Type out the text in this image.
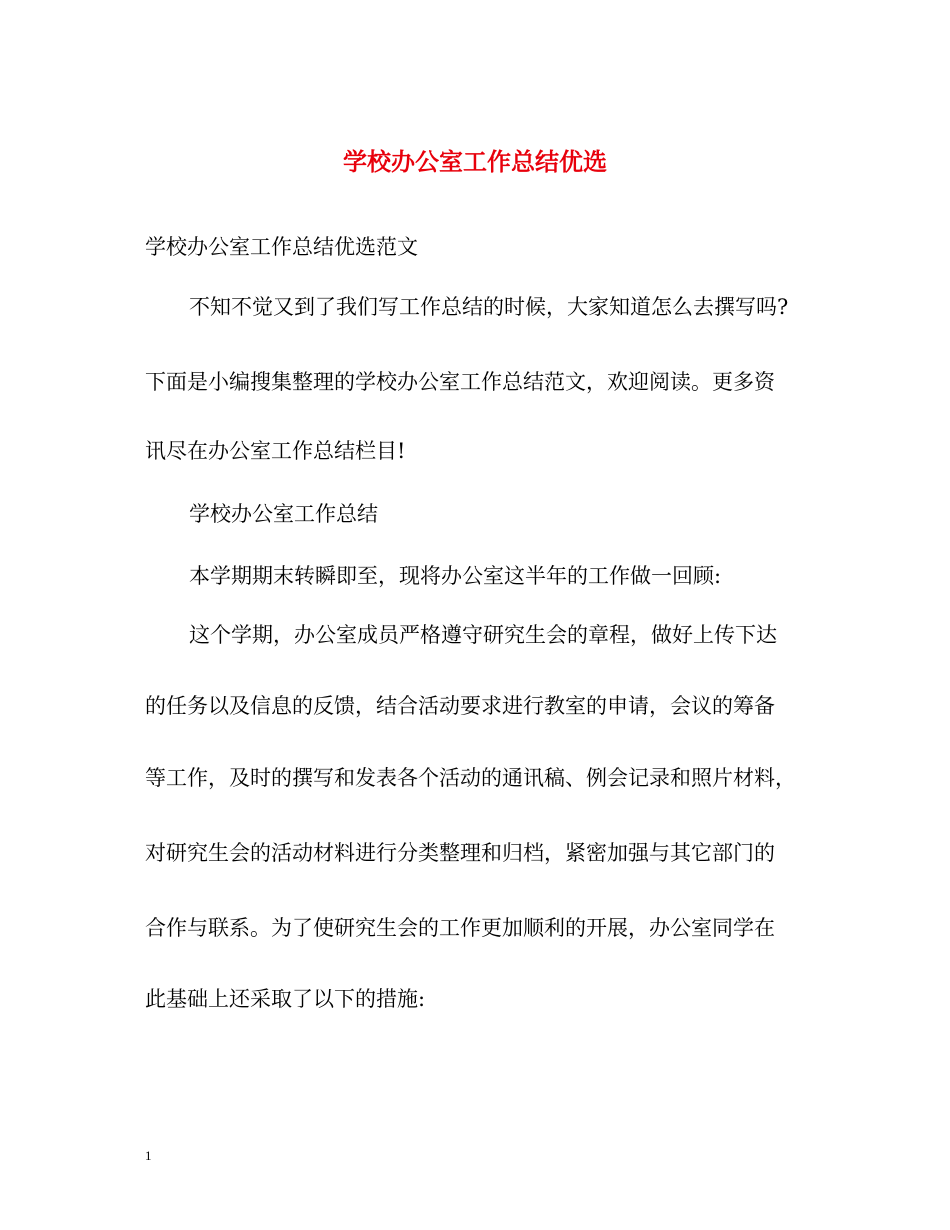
学校办公室工作总结优选
学校办公室工作总结优选范文
不知不觉又到了我们写工作总结的时候，大家知道怎么去撰写吗?
下面是小编搜集整理的学校办公室工作总结范文，欢迎阅读。更多资
讯尽在办公室工作总结栏目!
学校办公室工作总结
本学期期末转瞬即至，现将办公室这半年的工作做一回顾:
这个学期，办公室成员严格遵守研究生会的章程，做好上传下达
的任务以及信息的反馈，结合活动要求进行教室的申请，会议的筹备
等工作，及时的撰写和发表各个活动的通讯稿、例会记录和照片材料，
对研究生会的活动材料进行分类整理和归档，紧密加强与其它部门的
合作与联系。为了使研究生会的工作更加顺利的开展，办公室同学在
此基础上还采取了以下的措施:
1
